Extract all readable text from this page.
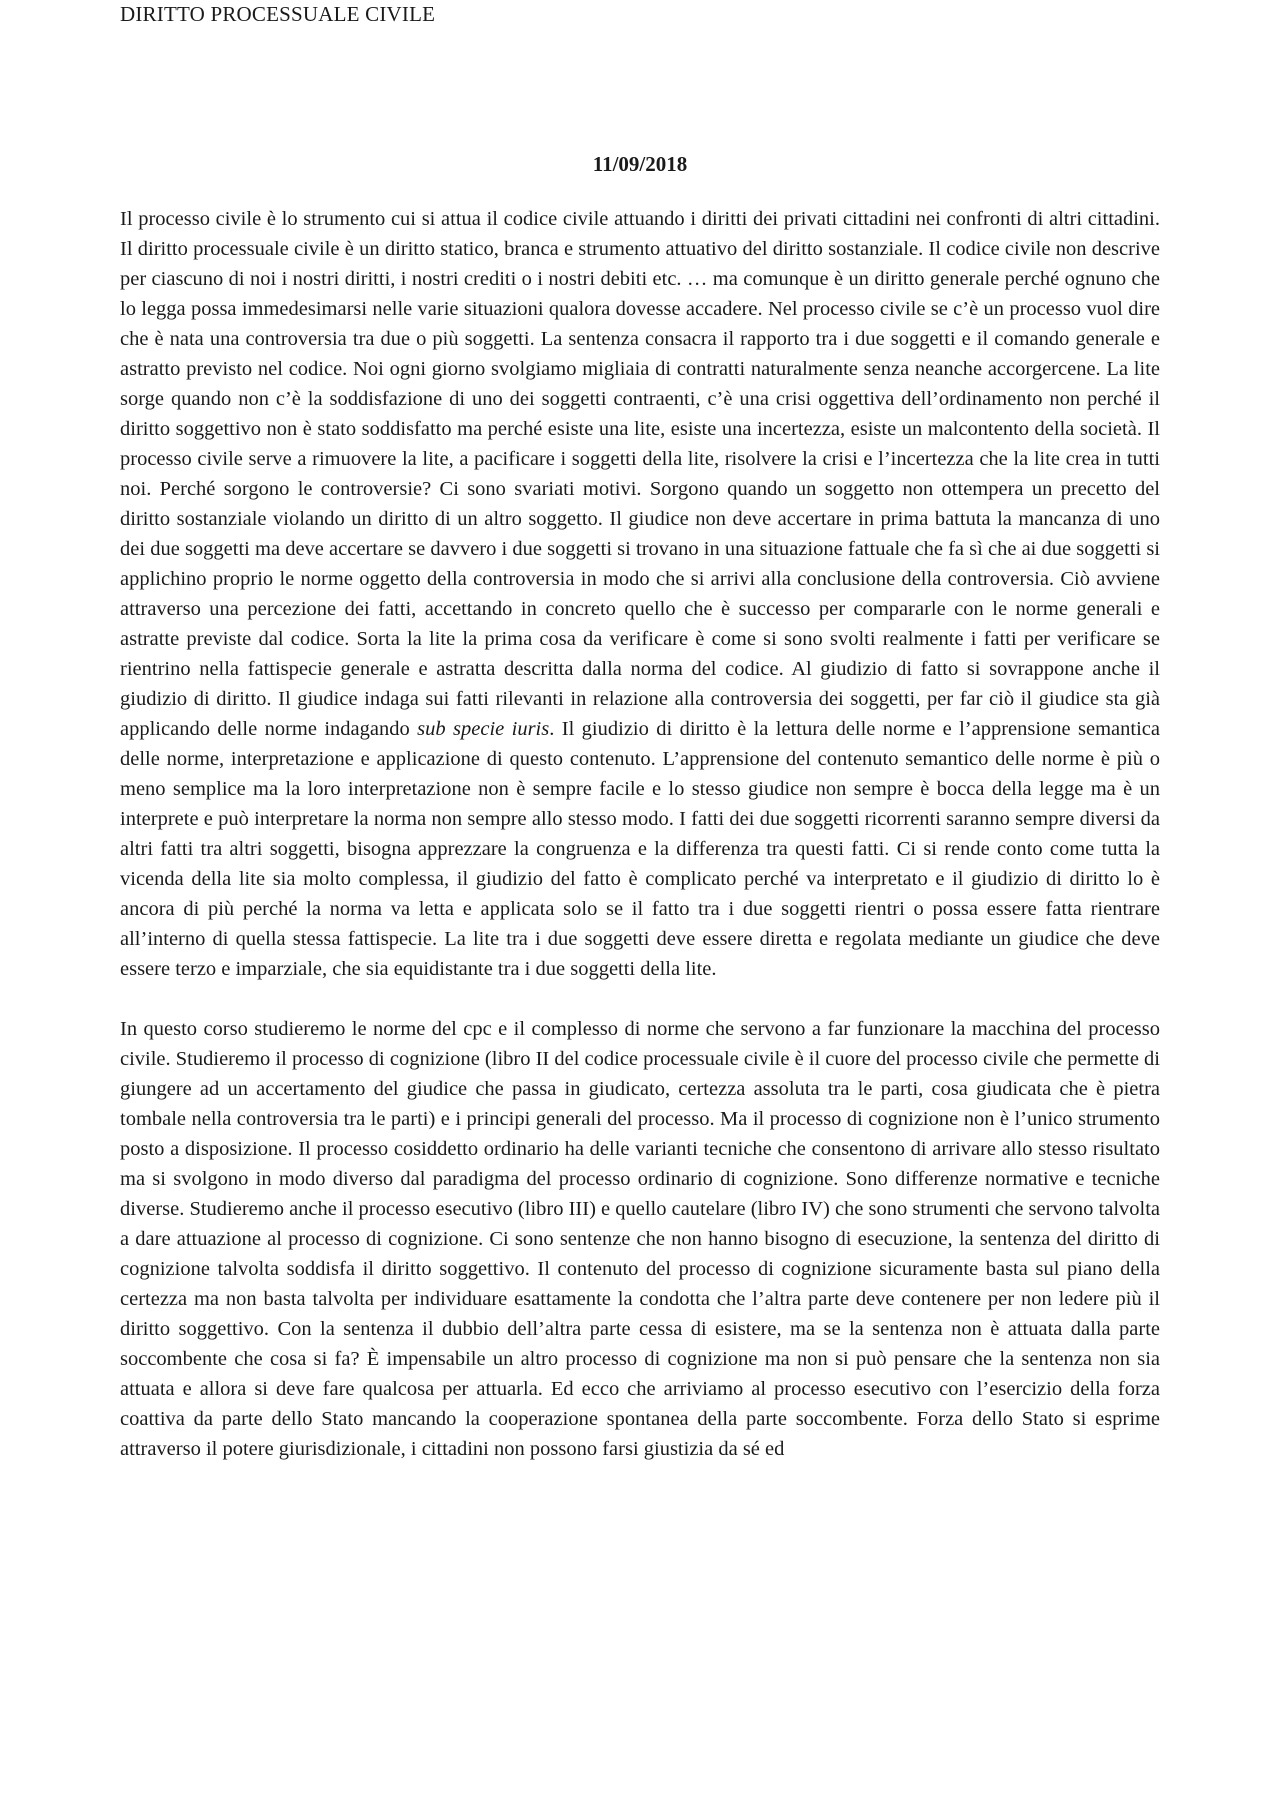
DIRITTO PROCESSUALE CIVILE
11/09/2018

Il processo civile è lo strumento cui si attua il codice civile attuando i diritti dei privati cittadini nei confronti di altri cittadini. Il diritto processuale civile è un diritto statico, branca e strumento attuativo del diritto sostanziale. Il codice civile non descrive per ciascuno di noi i nostri diritti, i nostri crediti o i nostri debiti etc. … ma comunque è un diritto generale perché ognuno che lo legga possa immedesimarsi nelle varie situazioni qualora dovesse accadere. Nel processo civile se c’è un processo vuol dire che è nata una controversia tra due o più soggetti. La sentenza consacra il rapporto tra i due soggetti e il comando generale e astratto previsto nel codice. Noi ogni giorno svolgiamo migliaia di contratti naturalmente senza neanche accorgercene. La lite sorge quando non c’è la soddisfazione di uno dei soggetti contraenti, c’è una crisi oggettiva dell’ordinamento non perché il diritto soggettivo non è stato soddisfatto ma perché esiste una lite, esiste una incertezza, esiste un malcontento della società. Il processo civile serve a rimuovere la lite, a pacificare i soggetti della lite, risolvere la crisi e l’incertezza che la lite crea in tutti noi. Perché sorgono le controversie? Ci sono svariati motivi. Sorgono quando un soggetto non ottempera un precetto del diritto sostanziale violando un diritto di un altro soggetto. Il giudice non deve accertare in prima battuta la mancanza di uno dei due soggetti ma deve accertare se davvero i due soggetti si trovano in una situazione fattuale che fa sì che ai due soggetti si applichino proprio le norme oggetto della controversia in modo che si arrivi alla conclusione della controversia. Ciò avviene attraverso una percezione dei fatti, accettando in concreto quello che è successo per compararle con le norme generali e astratte previste dal codice. Sorta la lite la prima cosa da verificare è come si sono svolti realmente i fatti per verificare se rientrino nella fattispecie generale e astratta descritta dalla norma del codice. Al giudizio di fatto si sovrappone anche il giudizio di diritto. Il giudice indaga sui fatti rilevanti in relazione alla controversia dei soggetti, per far ciò il giudice sta già applicando delle norme indagando sub specie iuris. Il giudizio di diritto è la lettura delle norme e l’apprensione semantica delle norme, interpretazione e applicazione di questo contenuto. L’apprensione del contenuto semantico delle norme è più o meno semplice ma la loro interpretazione non è sempre facile e lo stesso giudice non sempre è bocca della legge ma è un interprete e può interpretare la norma non sempre allo stesso modo. I fatti dei due soggetti ricorrenti saranno sempre diversi da altri fatti tra altri soggetti, bisogna apprezzare la congruenza e la differenza tra questi fatti. Ci si rende conto come tutta la vicenda della lite sia molto complessa, il giudizio del fatto è complicato perché va interpretato e il giudizio di diritto lo è ancora di più perché la norma va letta e applicata solo se il fatto tra i due soggetti rientri o possa essere fatta rientrare all’interno di quella stessa fattispecie. La lite tra i due soggetti deve essere diretta e regolata mediante un giudice che deve essere terzo e imparziale, che sia equidistante tra i due soggetti della lite.

In questo corso studieremo le norme del cpc e il complesso di norme che servono a far funzionare la macchina del processo civile. Studieremo il processo di cognizione (libro II del codice processuale civile è il cuore del processo civile che permette di giungere ad un accertamento del giudice che passa in giudicato, certezza assoluta tra le parti, cosa giudicata che è pietra tombale nella controversia tra le parti) e i principi generali del processo. Ma il processo di cognizione non è l’unico strumento posto a disposizione. Il processo cosiddetto ordinario ha delle varianti tecniche che consentono di arrivare allo stesso risultato ma si svolgono in modo diverso dal paradigma del processo ordinario di cognizione. Sono differenze normative e tecniche diverse. Studieremo anche il processo esecutivo (libro III) e quello cautelare (libro IV) che sono strumenti che servono talvolta a dare attuazione al processo di cognizione. Ci sono sentenze che non hanno bisogno di esecuzione, la sentenza del diritto di cognizione talvolta soddisfa il diritto soggettivo. Il contenuto del processo di cognizione sicuramente basta sul piano della certezza ma non basta talvolta per individuare esattamente la condotta che l’altra parte deve contenere per non ledere più il diritto soggettivo. Con la sentenza il dubbio dell’altra parte cessa di esistere, ma se la sentenza non è attuata dalla parte soccombente che cosa si fa? È impensabile un altro processo di cognizione ma non si può pensare che la sentenza non sia attuata e allora si deve fare qualcosa per attuarla. Ed ecco che arriviamo al processo esecutivo con l’esercizio della forza coattiva da parte dello Stato mancando la cooperazione spontanea della parte soccombente. Forza dello Stato si esprime attraverso il potere giurisdizionale, i cittadini non possono farsi giustizia da sé ed
